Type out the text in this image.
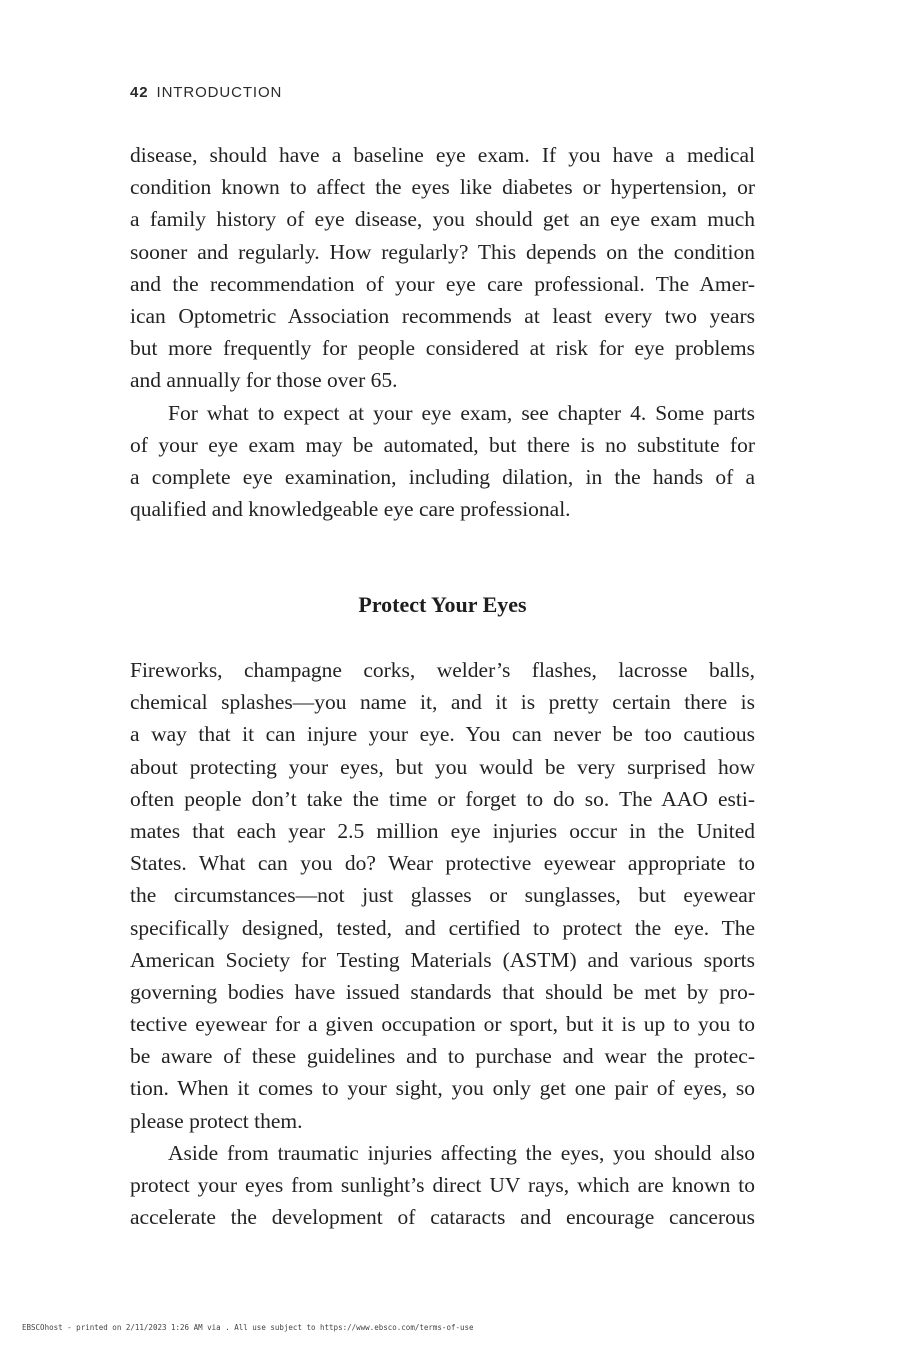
42 INTRODUCTION
disease, should have a baseline eye exam. If you have a medical
condition known to affect the eyes like diabetes or hypertension, or
a family history of eye disease, you should get an eye exam much
sooner and regularly. How regularly? This depends on the condition
and the recommendation of your eye care professional. The Amer-
ican Optometric Association recommends at least every two years
but more frequently for people considered at risk for eye problems
and annually for those over 65.
For what to expect at your eye exam, see chapter 4. Some parts
of your eye exam may be automated, but there is no substitute for
a complete eye examination, including dilation, in the hands of a
qualified and knowledgeable eye care professional.
Protect Your Eyes
Fireworks, champagne corks, welder’s flashes, lacrosse balls,
chemical splashes—you name it, and it is pretty certain there is
a way that it can injure your eye. You can never be too cautious
about protecting your eyes, but you would be very surprised how
often people don’t take the time or forget to do so. The AAO esti-
mates that each year 2.5 million eye injuries occur in the United
States. What can you do? Wear protective eyewear appropriate to
the circumstances—not just glasses or sunglasses, but eyewear
specifically designed, tested, and certified to protect the eye. The
American Society for Testing Materials (ASTM) and various sports
governing bodies have issued standards that should be met by pro-
tective eyewear for a given occupation or sport, but it is up to you to
be aware of these guidelines and to purchase and wear the protec-
tion. When it comes to your sight, you only get one pair of eyes, so
please protect them.
Aside from traumatic injuries affecting the eyes, you should also
protect your eyes from sunlight’s direct UV rays, which are known to
accelerate the development of cataracts and encourage cancerous
EBSCOhost - printed on 2/11/2023 1:26 AM via . All use subject to https://www.ebsco.com/terms-of-use
